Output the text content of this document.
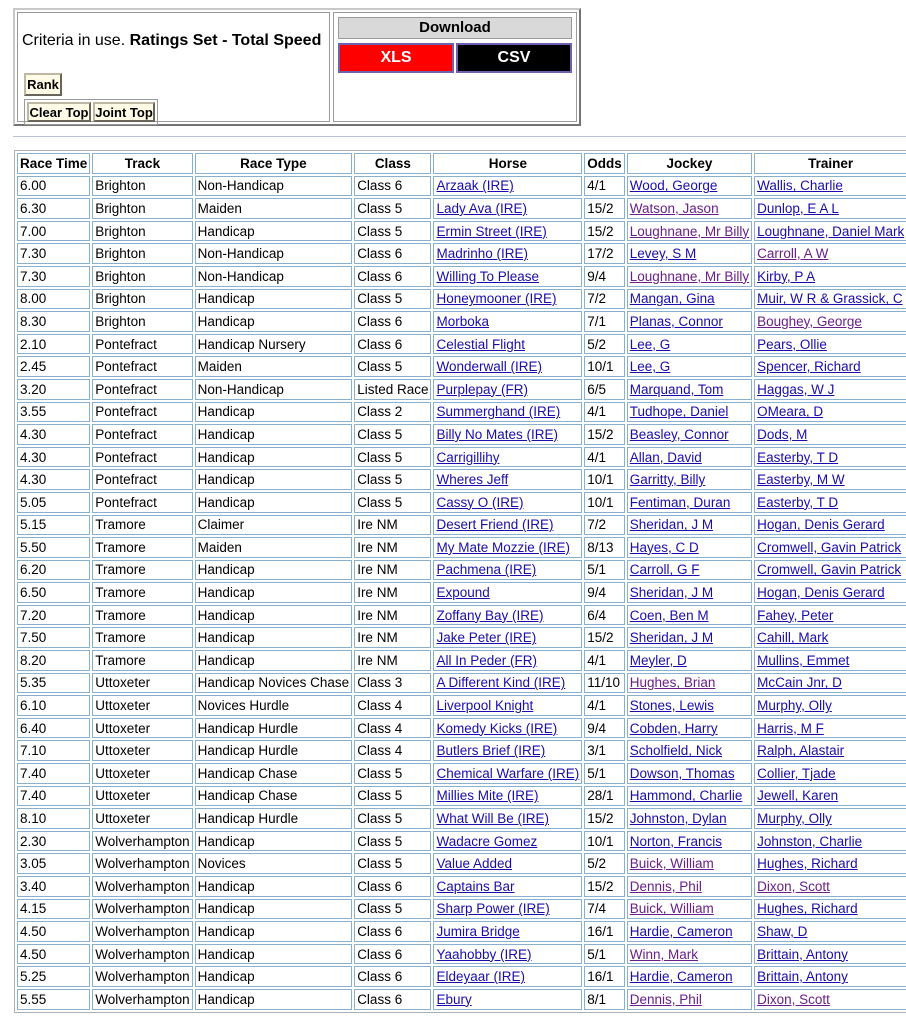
Criteria in use. Ratings Set - Total Speed
Rank
Clear Top Joint Top
Download
XLS	CSV
Race Time	Track	Race Type	Class	Horse	Odds	Jockey	Trainer
6.00	Brighton	Non-Handicap	Class 6	Arzaak (IRE)	4/1	Wood, George	Wallis, Charlie
6.30	Brighton	Maiden	Class 5	Lady Ava (IRE)	15/2	Watson, Jason	Dunlop, E A L
7.00	Brighton	Handicap	Class 5	Ermin Street (IRE)	15/2	Loughnane, Mr Billy	Loughnane, Daniel Mark
7.30	Brighton	Non-Handicap	Class 6	Madrinho (IRE)	17/2	Levey, S M	Carroll, A W
7.30	Brighton	Non-Handicap	Class 6	Willing To Please	9/4	Loughnane, Mr Billy	Kirby, P A
8.00	Brighton	Handicap	Class 5	Honeymooner (IRE)	7/2	Mangan, Gina	Muir, W R & Grassick, C
8.30	Brighton	Handicap	Class 6	Morboka	7/1	Planas, Connor	Boughey, George
2.10	Pontefract	Handicap Nursery	Class 6	Celestial Flight	5/2	Lee, G	Pears, Ollie
2.45	Pontefract	Maiden	Class 5	Wonderwall (IRE)	10/1	Lee, G	Spencer, Richard
3.20	Pontefract	Non-Handicap	Listed Race	Purplepay (FR)	6/5	Marquand, Tom	Haggas, W J
3.55	Pontefract	Handicap	Class 2	Summerghand (IRE)	4/1	Tudhope, Daniel	OMeara, D
4.30	Pontefract	Handicap	Class 5	Billy No Mates (IRE)	15/2	Beasley, Connor	Dods, M
4.30	Pontefract	Handicap	Class 5	Carrigillihy	4/1	Allan, David	Easterby, T D
4.30	Pontefract	Handicap	Class 5	Wheres Jeff	10/1	Garritty, Billy	Easterby, M W
5.05	Pontefract	Handicap	Class 5	Cassy O (IRE)	10/1	Fentiman, Duran	Easterby, T D
5.15	Tramore	Claimer	Ire NM	Desert Friend (IRE)	7/2	Sheridan, J M	Hogan, Denis Gerard
5.50	Tramore	Maiden	Ire NM	My Mate Mozzie (IRE)	8/13	Hayes, C D	Cromwell, Gavin Patrick
6.20	Tramore	Handicap	Ire NM	Pachmena (IRE)	5/1	Carroll, G F	Cromwell, Gavin Patrick
6.50	Tramore	Handicap	Ire NM	Expound	9/4	Sheridan, J M	Hogan, Denis Gerard
7.20	Tramore	Handicap	Ire NM	Zoffany Bay (IRE)	6/4	Coen, Ben M	Fahey, Peter
7.50	Tramore	Handicap	Ire NM	Jake Peter (IRE)	15/2	Sheridan, J M	Cahill, Mark
8.20	Tramore	Handicap	Ire NM	All In Peder (FR)	4/1	Meyler, D	Mullins, Emmet
5.35	Uttoxeter	Handicap Novices Chase	Class 3	A Different Kind (IRE)	11/10	Hughes, Brian	McCain Jnr, D
6.10	Uttoxeter	Novices Hurdle	Class 4	Liverpool Knight	4/1	Stones, Lewis	Murphy, Olly
6.40	Uttoxeter	Handicap Hurdle	Class 4	Komedy Kicks (IRE)	9/4	Cobden, Harry	Harris, M F
7.10	Uttoxeter	Handicap Hurdle	Class 4	Butlers Brief (IRE)	3/1	Scholfield, Nick	Ralph, Alastair
7.40	Uttoxeter	Handicap Chase	Class 5	Chemical Warfare (IRE)	5/1	Dowson, Thomas	Collier, Tjade
7.40	Uttoxeter	Handicap Chase	Class 5	Millies Mite (IRE)	28/1	Hammond, Charlie	Jewell, Karen
8.10	Uttoxeter	Handicap Hurdle	Class 5	What Will Be (IRE)	15/2	Johnston, Dylan	Murphy, Olly
2.30	Wolverhampton	Handicap	Class 5	Wadacre Gomez	10/1	Norton, Francis	Johnston, Charlie
3.05	Wolverhampton	Novices	Class 5	Value Added	5/2	Buick, William	Hughes, Richard
3.40	Wolverhampton	Handicap	Class 6	Captains Bar	15/2	Dennis, Phil	Dixon, Scott
4.15	Wolverhampton	Handicap	Class 5	Sharp Power (IRE)	7/4	Buick, William	Hughes, Richard
4.50	Wolverhampton	Handicap	Class 6	Jumira Bridge	16/1	Hardie, Cameron	Shaw, D
4.50	Wolverhampton	Handicap	Class 6	Yaahobby (IRE)	5/1	Winn, Mark	Brittain, Antony
5.25	Wolverhampton	Handicap	Class 6	Eldeyaar (IRE)	16/1	Hardie, Cameron	Brittain, Antony
5.55	Wolverhampton	Handicap	Class 6	Ebury	8/1	Dennis, Phil	Dixon, Scott
